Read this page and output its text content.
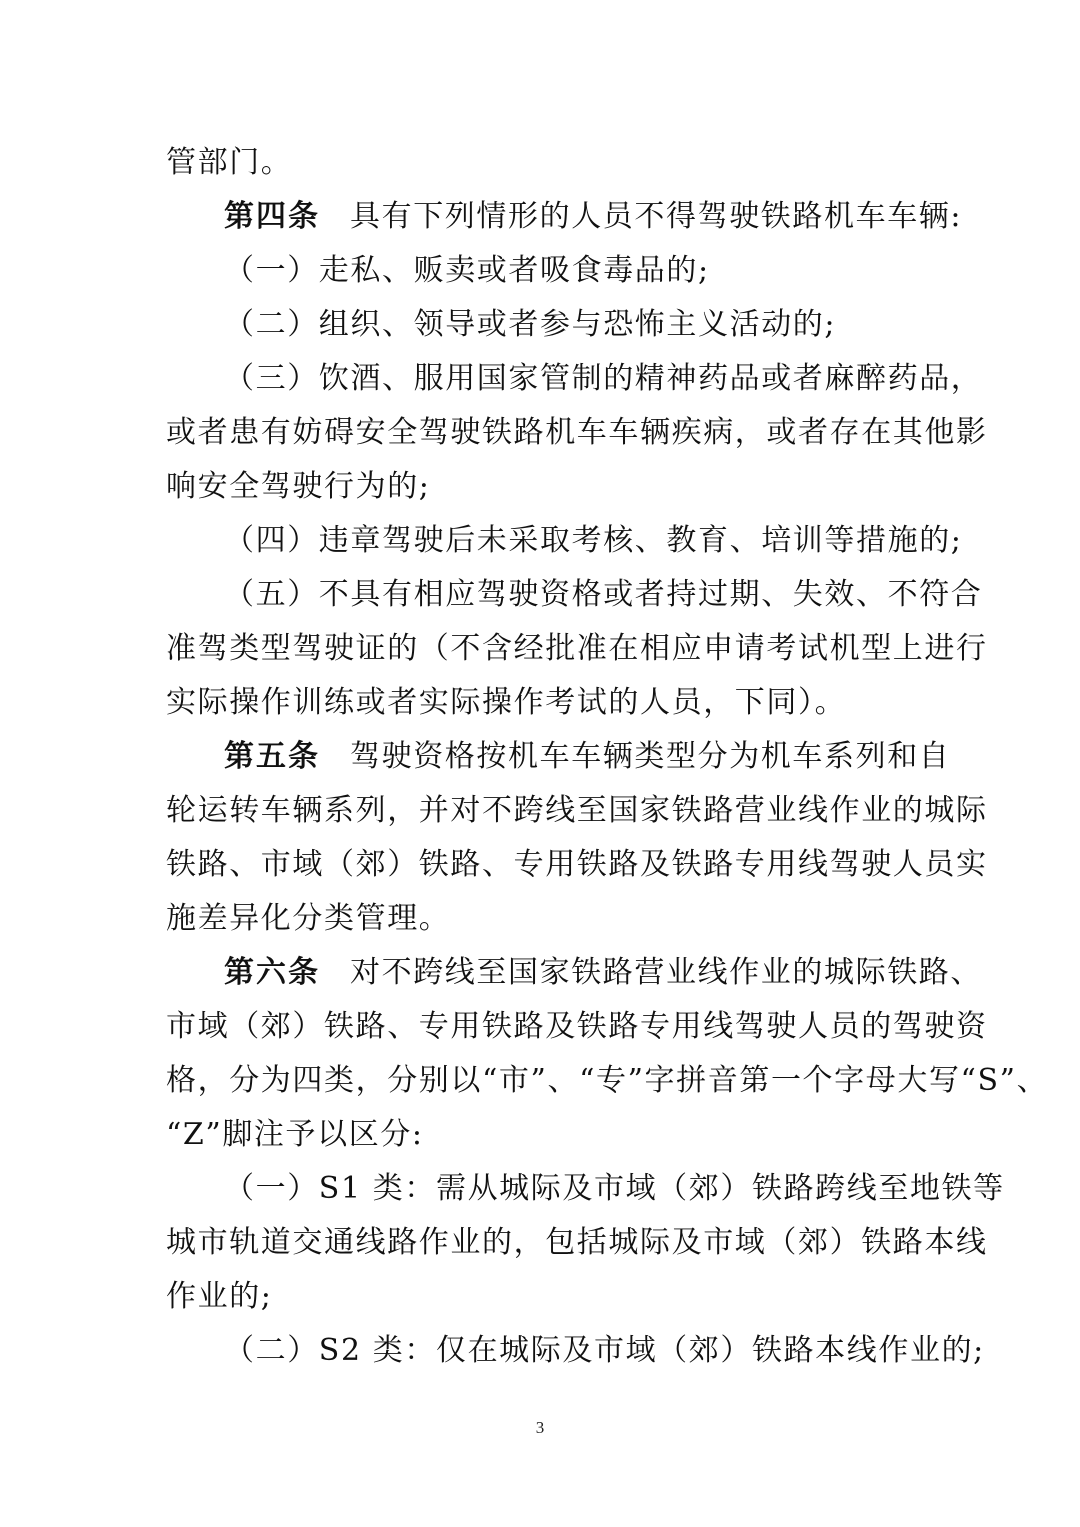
管部门。

第四条 具有下列情形的人员不得驾驶铁路机车车辆:

（一）走私、贩卖或者吸食毒品的;

（二）组织、领导或者参与恐怖主义活动的;

（三）饮酒、服用国家管制的精神药品或者麻醉药品，

或者患有妨碍安全驾驶铁路机车车辆疾病，或者存在其他影

响安全驾驶行为的;

（四）违章驾驶后未采取考核、教育、培训等措施的;

（五）不具有相应驾驶资格或者持过期、失效、不符合

准驾类型驾驶证的（不含经批准在相应申请考试机型上进行

实际操作训练或者实际操作考试的人员，下同）。

第五条 驾驶资格按机车车辆类型分为机车系列和自

轮运转车辆系列，并对不跨线至国家铁路营业线作业的城际

铁路、市域（郊）铁路、专用铁路及铁路专用线驾驶人员实

施差异化分类管理。

第六条 对不跨线至国家铁路营业线作业的城际铁路、

市域（郊）铁路、专用铁路及铁路专用线驾驶人员的驾驶资

格，分为四类，分别以“市”、“专”字拼音第一个字母大写“S”、

“Z”脚注予以区分:

（一）S1 类：需从城际及市域（郊）铁路跨线至地铁等

城市轨道交通线路作业的，包括城际及市域（郊）铁路本线

作业的;

（二）S2 类：仅在城际及市域（郊）铁路本线作业的;

3
